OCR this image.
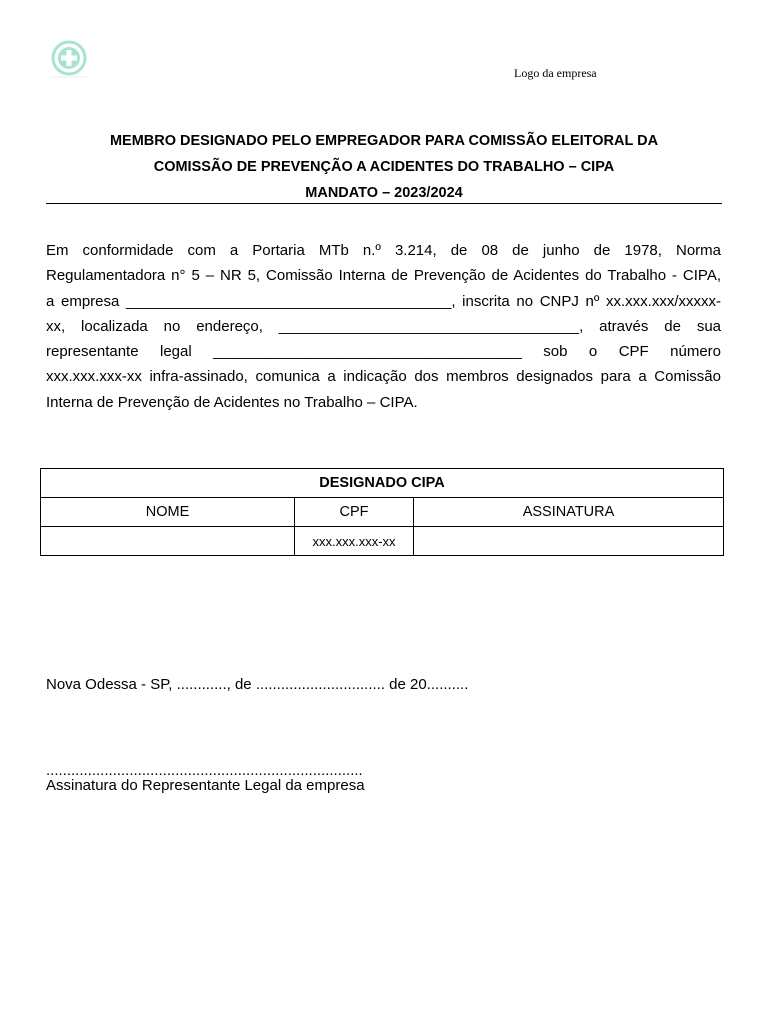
Logo da empresa
MEMBRO DESIGNADO PELO EMPREGADOR PARA COMISSÃO ELEITORAL DA
COMISSÃO DE PREVENÇÃO A ACIDENTES DO TRABALHO – CIPA
MANDATO – 2023/2024
Em conformidade com a Portaria MTb n.º 3.214, de 08 de junho de 1978, Norma
Regulamentadora n° 5 – NR 5, Comissão Interna de Prevenção de Acidentes do Trabalho - CIPA,
a empresa _______________________________________, inscrita no CNPJ nº xx.xxx.xxx/xxxxx-
xx, localizada no endereço, ____________________________________, através de sua
representante legal _____________________________________ sob o CPF número
xxx.xxx.xxx-xx infra-assinado, comunica a indicação dos membros designados para a Comissão
Interna de Prevenção de Acidentes no Trabalho – CIPA.
DESIGNADO CIPA		
NOME	CPF	ASSINATURA
	xxx.xxx.xxx-xx	
Nova Odessa - SP, ............, de ............................... de 20..........
............................................................................
Assinatura do Representante Legal da empresa
